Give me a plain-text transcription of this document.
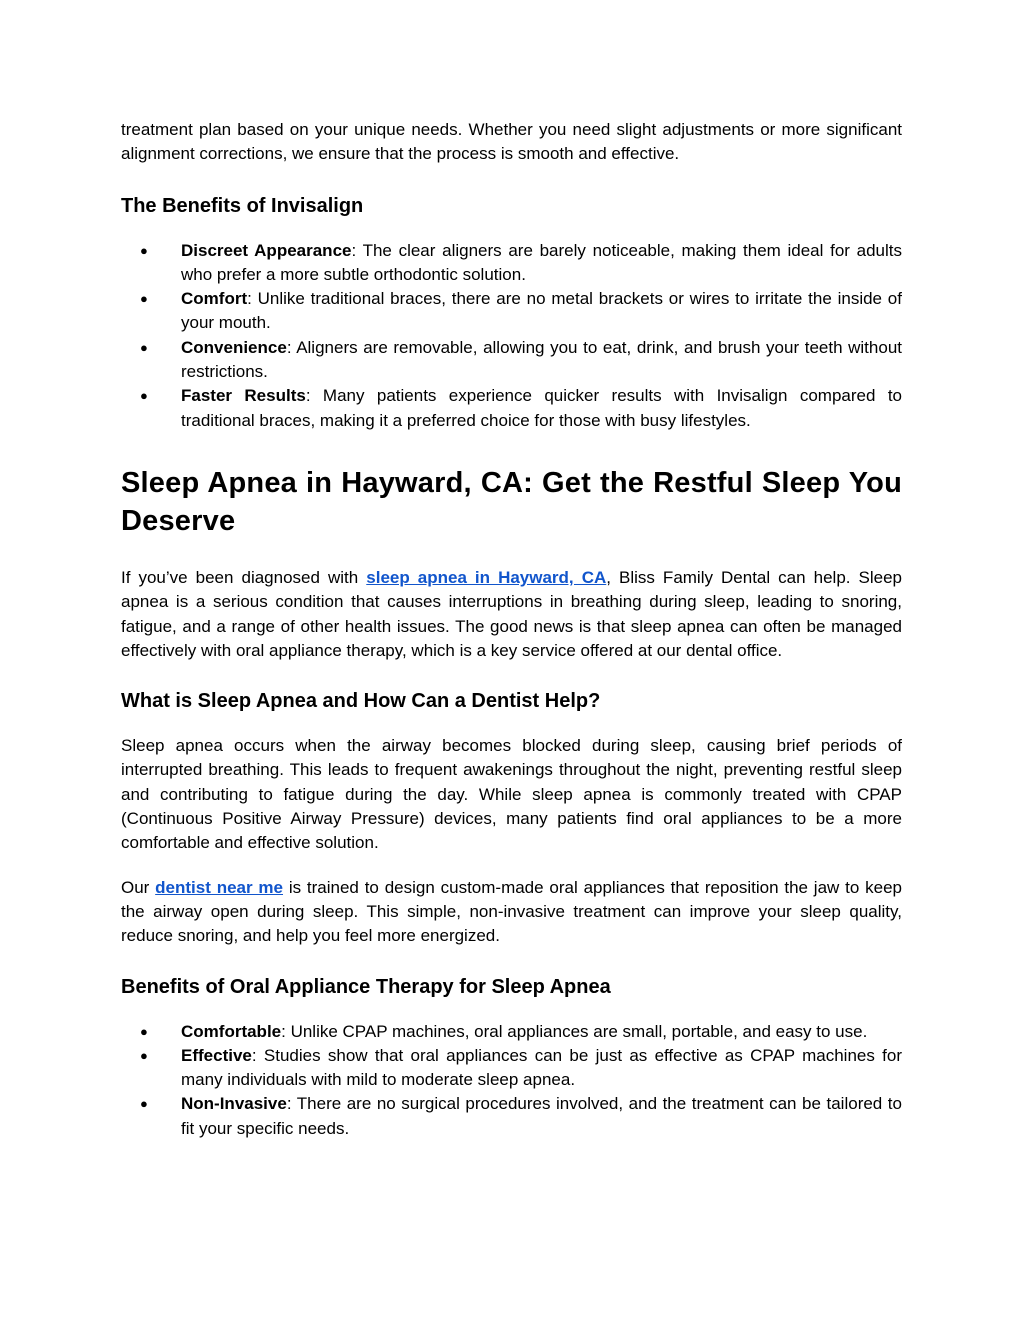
treatment plan based on your unique needs. Whether you need slight adjustments or more significant alignment corrections, we ensure that the process is smooth and effective.

The Benefits of Invisalign
● Discreet Appearance: The clear aligners are barely noticeable, making them ideal for adults who prefer a more subtle orthodontic solution.
● Comfort: Unlike traditional braces, there are no metal brackets or wires to irritate the inside of your mouth.
● Convenience: Aligners are removable, allowing you to eat, drink, and brush your teeth without restrictions.
● Faster Results: Many patients experience quicker results with Invisalign compared to traditional braces, making it a preferred choice for those with busy lifestyles.
Sleep Apnea in Hayward, CA: Get the Restful Sleep You Deserve

If you’ve been diagnosed with sleep apnea in Hayward, CA, Bliss Family Dental can help. Sleep apnea is a serious condition that causes interruptions in breathing during sleep, leading to snoring, fatigue, and a range of other health issues. The good news is that sleep apnea can often be managed effectively with oral appliance therapy, which is a key service offered at our dental office.

What is Sleep Apnea and How Can a Dentist Help?

Sleep apnea occurs when the airway becomes blocked during sleep, causing brief periods of interrupted breathing. This leads to frequent awakenings throughout the night, preventing restful sleep and contributing to fatigue during the day. While sleep apnea is commonly treated with CPAP (Continuous Positive Airway Pressure) devices, many patients find oral appliances to be a more comfortable and effective solution.

Our dentist near me is trained to design custom-made oral appliances that reposition the jaw to keep the airway open during sleep. This simple, non-invasive treatment can improve your sleep quality, reduce snoring, and help you feel more energized.

Benefits of Oral Appliance Therapy for Sleep Apnea
● Comfortable: Unlike CPAP machines, oral appliances are small, portable, and easy to use.
● Effective: Studies show that oral appliances can be just as effective as CPAP machines for many individuals with mild to moderate sleep apnea.
● Non-Invasive: There are no surgical procedures involved, and the treatment can be tailored to fit your specific needs.
